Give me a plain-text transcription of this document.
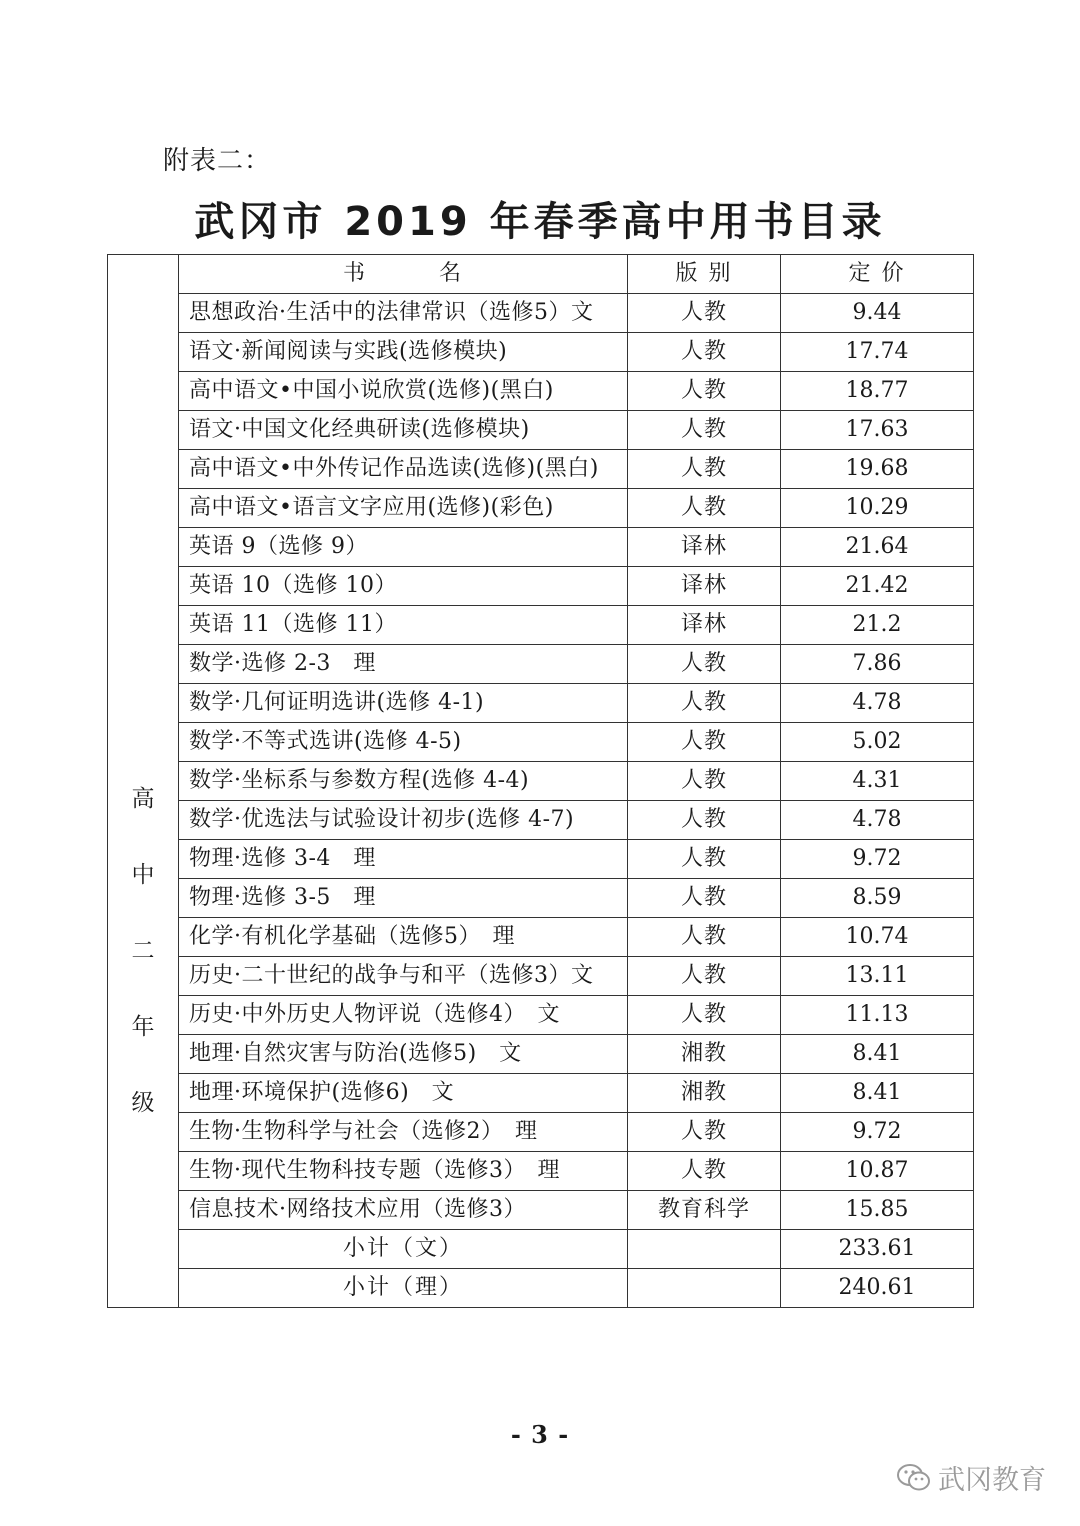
附表二：
武冈市 2019 年春季高中用书目录
高中二年级	书　　　名	版 别	定 价
	思想政治·生活中的法律常识（选修5）文	人教	9.44
	语文·新闻阅读与实践(选修模块)	人教	17.74
	高中语文•中国小说欣赏(选修)(黑白)	人教	18.77
	语文·中国文化经典研读(选修模块)	人教	17.63
	高中语文•中外传记作品选读(选修)(黑白)	人教	19.68
	高中语文•语言文字应用(选修)(彩色)	人教	10.29
	英语 9（选修 9）	译林	21.64
	英语 10（选修 10）	译林	21.42
	英语 11（选修 11）	译林	21.2
	数学·选修 2-3　理	人教	7.86
	数学·几何证明选讲(选修 4-1)	人教	4.78
	数学·不等式选讲(选修 4-5)	人教	5.02
	数学·坐标系与参数方程(选修 4-4)	人教	4.31
	数学·优选法与试验设计初步(选修 4-7)	人教	4.78
	物理·选修 3-4　理	人教	9.72
	物理·选修 3-5　理	人教	8.59
	化学·有机化学基础（选修5）　理	人教	10.74
	历史·二十世纪的战争与和平（选修3）文	人教	13.11
	历史·中外历史人物评说（选修4）　文	人教	11.13
	地理·自然灾害与防治(选修5)　文	湘教	8.41
	地理·环境保护(选修6)　文	湘教	8.41
	生物·生物科学与社会（选修2）　理	人教	9.72
	生物·现代生物科技专题（选修3）　理	人教	10.87
	信息技术·网络技术应用（选修3）	教育科学	15.85
	小计（文）		233.61
	小计（理）		240.61
- 3 -
武冈教育
